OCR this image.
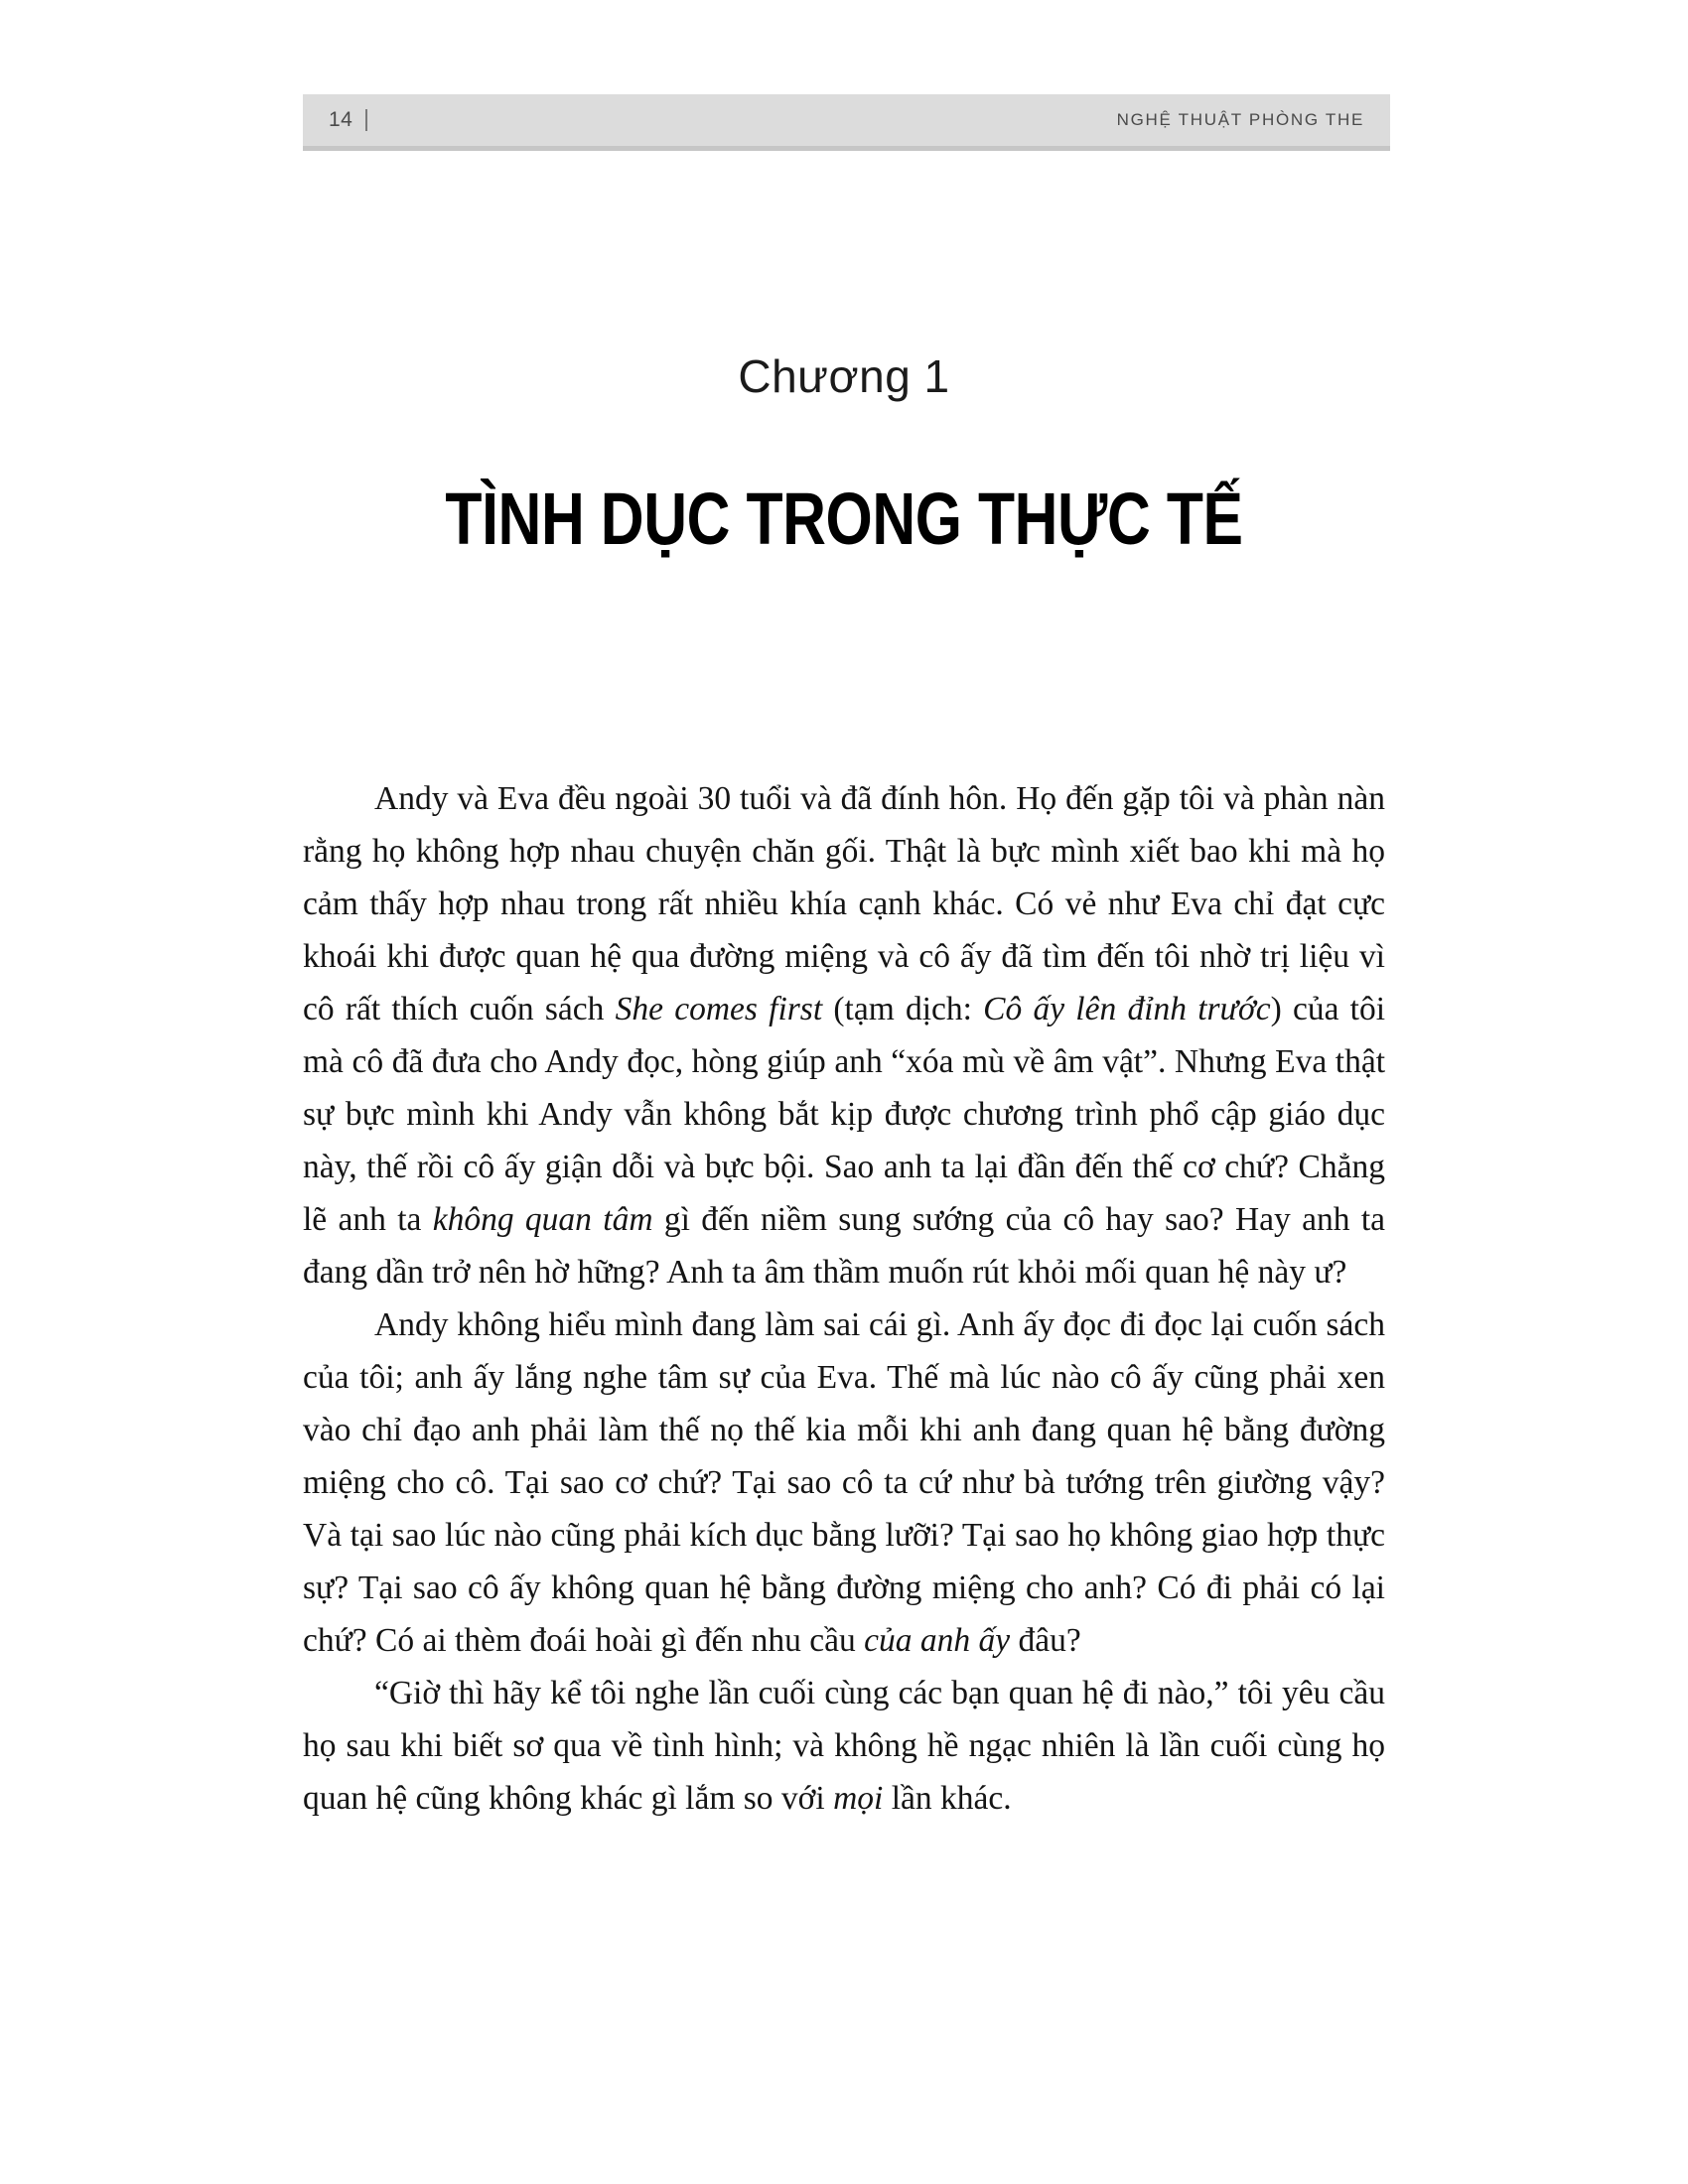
14	NGHỆ THUẬT PHÒNG THE
Chương 1
TÌNH DỤC TRONG THỰC TẾ

Andy và Eva đều ngoài 30 tuổi và đã đính hôn. Họ đến gặp tôi và phàn nàn rằng họ không hợp nhau chuyện chăn gối. Thật là bực mình xiết bao khi mà họ cảm thấy hợp nhau trong rất nhiều khía cạnh khác. Có vẻ như Eva chỉ đạt cực khoái khi được quan hệ qua đường miệng và cô ấy đã tìm đến tôi nhờ trị liệu vì cô rất thích cuốn sách She comes first (tạm dịch: Cô ấy lên đỉnh trước) của tôi mà cô đã đưa cho Andy đọc, hòng giúp anh “xóa mù về âm vật”. Nhưng Eva thật sự bực mình khi Andy vẫn không bắt kịp được chương trình phổ cập giáo dục này, thế rồi cô ấy giận dỗi và bực bội. Sao anh ta lại đần đến thế cơ chứ? Chẳng lẽ anh ta không quan tâm gì đến niềm sung sướng của cô hay sao? Hay anh ta đang dần trở nên hờ hững? Anh ta âm thầm muốn rút khỏi mối quan hệ này ư?

Andy không hiểu mình đang làm sai cái gì. Anh ấy đọc đi đọc lại cuốn sách của tôi; anh ấy lắng nghe tâm sự của Eva. Thế mà lúc nào cô ấy cũng phải xen vào chỉ đạo anh phải làm thế nọ thế kia mỗi khi anh đang quan hệ bằng đường miệng cho cô. Tại sao cơ chứ? Tại sao cô ta cứ như bà tướng trên giường vậy? Và tại sao lúc nào cũng phải kích dục bằng lưỡi? Tại sao họ không giao hợp thực sự? Tại sao cô ấy không quan hệ bằng đường miệng cho anh? Có đi phải có lại chứ? Có ai thèm đoái hoài gì đến nhu cầu của anh ấy đâu?

“Giờ thì hãy kể tôi nghe lần cuối cùng các bạn quan hệ đi nào,” tôi yêu cầu họ sau khi biết sơ qua về tình hình; và không hề ngạc nhiên là lần cuối cùng họ quan hệ cũng không khác gì lắm so với mọi lần khác.
